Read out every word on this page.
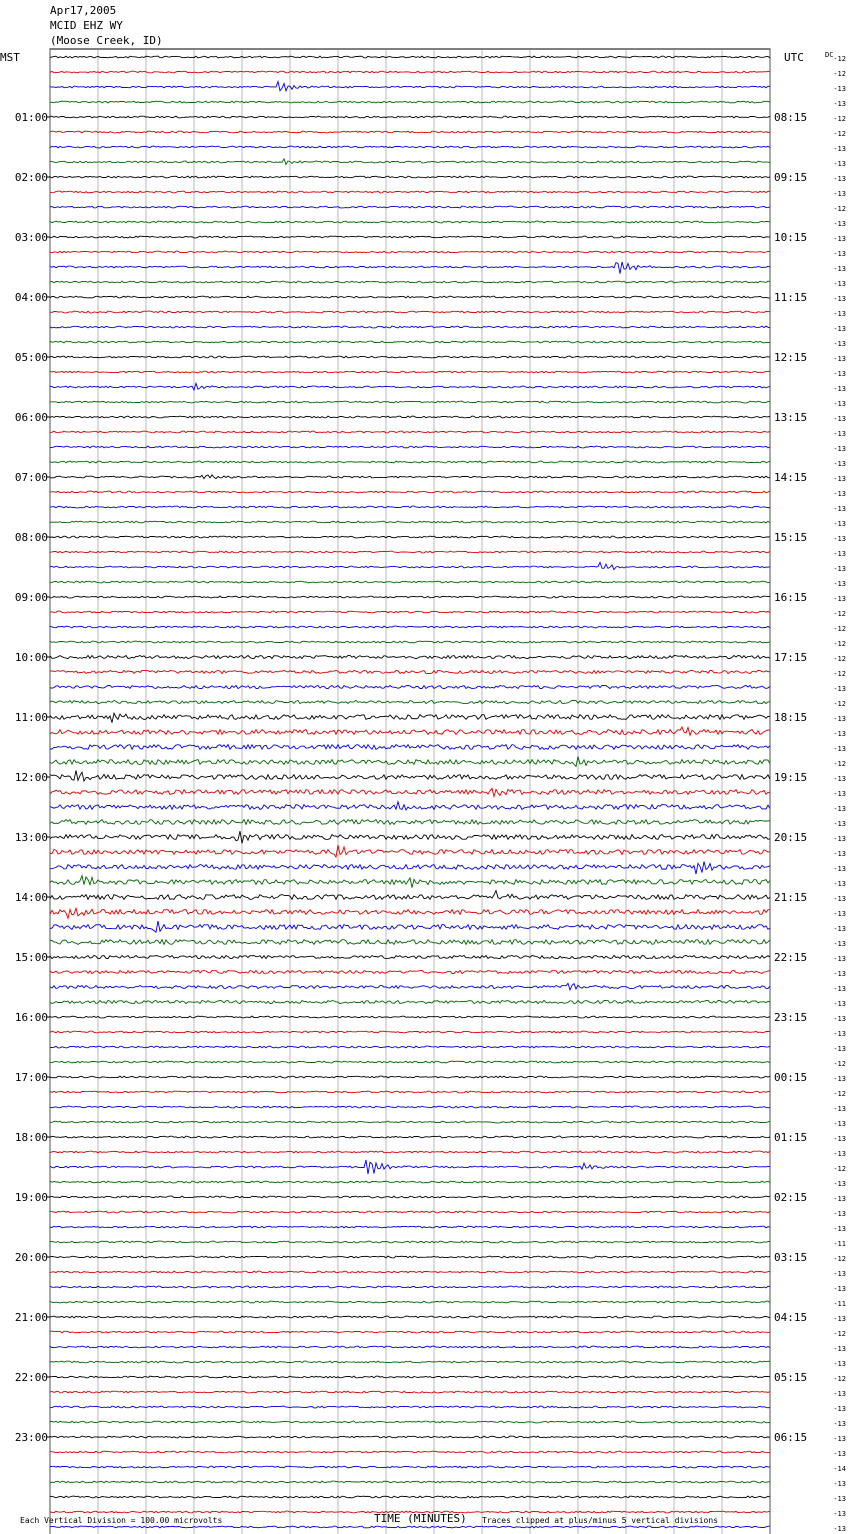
Apr17,2005
MCID EHZ WY
(Moose Creek, ID)
-12
-12
-13
-13
-12
-12
-13
-13
-13
-13
-12
-13
-13
-13
-13
-13
-13
-13
-13
-13
-13
-13
-13
-13
-13
-13
-13
-13
-13
-13
-13
-13
-13
-13
-13
-13
-13
-12
-12
-12
-12
-12
-13
-12
-13
-13
-13
-12
-13
-13
-13
-13
-13
-13
-13
-13
-13
-13
-13
-13
-13
-13
-13
-13
-13
-13
-13
-12
-13
-12
-13
-13
-13
-13
-12
-13
-13
-13
-13
-11
-12
-13
-13
-11
-13
-12
-13
-13
-12
-13
-13
-13
-13
-13
-14
-13
-13
-13
-13
01:00
02:00
03:00
04:00
05:00
06:00
07:00
08:00
09:00
10:00
11:00
12:00
13:00
14:00
15:00
16:00
17:00
18:00
19:00
20:00
21:00
22:00
23:00
08:15
09:15
10:15
11:15
12:15
13:15
14:15
15:15
16:15
17:15
18:15
19:15
20:15
21:15
22:15
23:15
00:15
01:15
02:15
03:15
04:15
05:15
06:15
MST	UTC	DC
Each Vertical Division = 100.00 microvolts	TIME (MINUTES) Traces clipped at plus/minus 5 vertical divisions
